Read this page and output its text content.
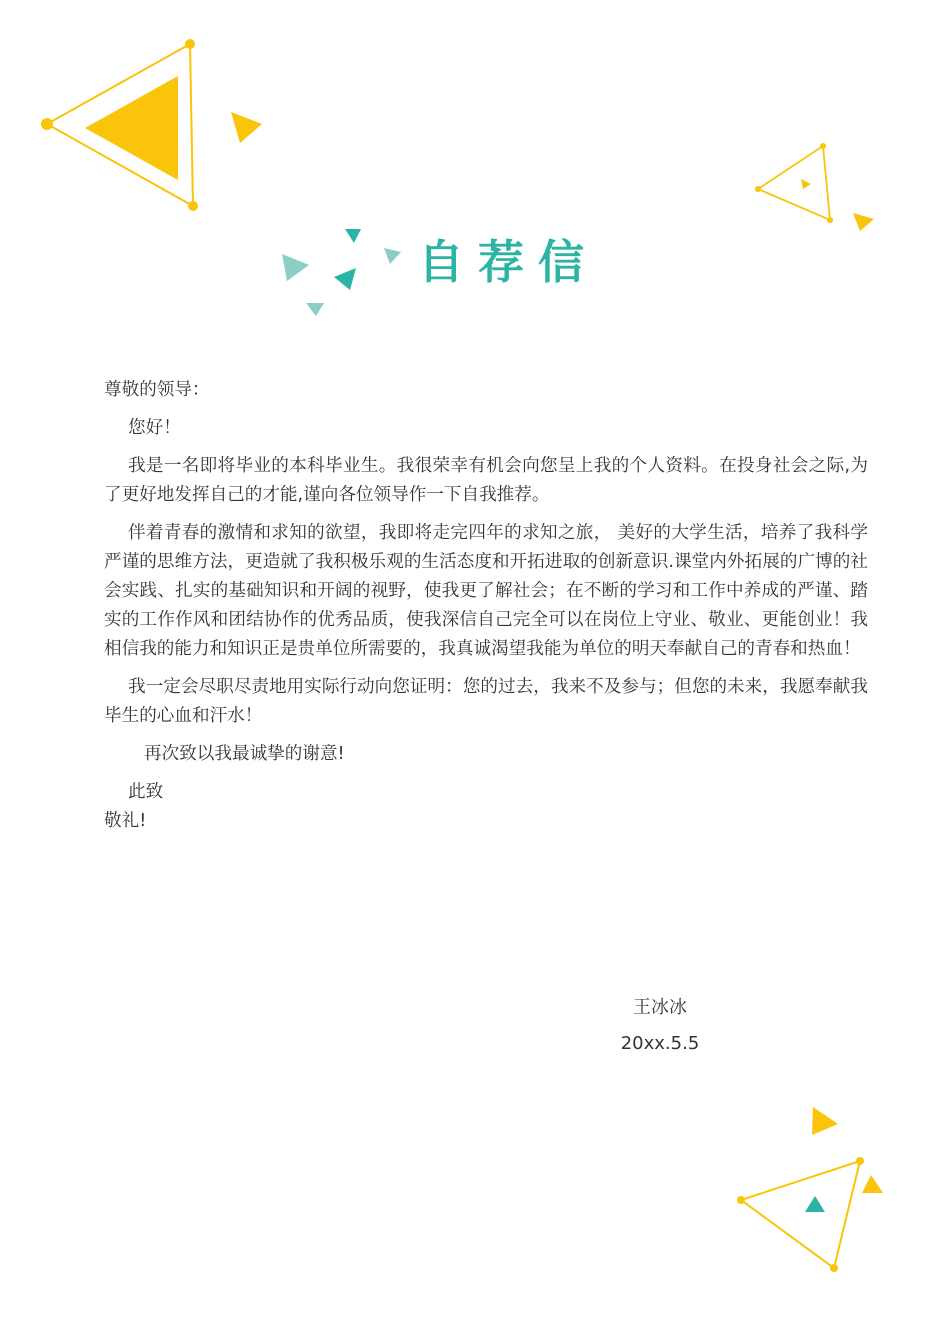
自荐信

尊敬的领导：

您好！

我是一名即将毕业的本科毕业生。我很荣幸有机会向您呈上我的个人资料。在投身社会之际,为了更好地发挥自己的才能,谨向各位领导作一下自我推荐。

伴着青春的激情和求知的欲望，我即将走完四年的求知之旅， 美好的大学生活，培养了我科学严谨的思维方法，更造就了我积极乐观的生活态度和开拓进取的创新意识.课堂内外拓展的广博的社会实践、扎实的基础知识和开阔的视野，使我更了解社会；在不断的学习和工作中养成的严谨、踏实的工作作风和团结协作的优秀品质，使我深信自己完全可以在岗位上守业、敬业、更能创业！我相信我的能力和知识正是贵单位所需要的，我真诚渴望我能为单位的明天奉献自己的青春和热血！

我一定会尽职尽责地用实际行动向您证明：您的过去，我来不及参与；但您的未来，我愿奉献我毕生的心血和汗水！

再次致以我最诚挚的谢意!

此致

敬礼!

王冰冰
20xx.5.5
